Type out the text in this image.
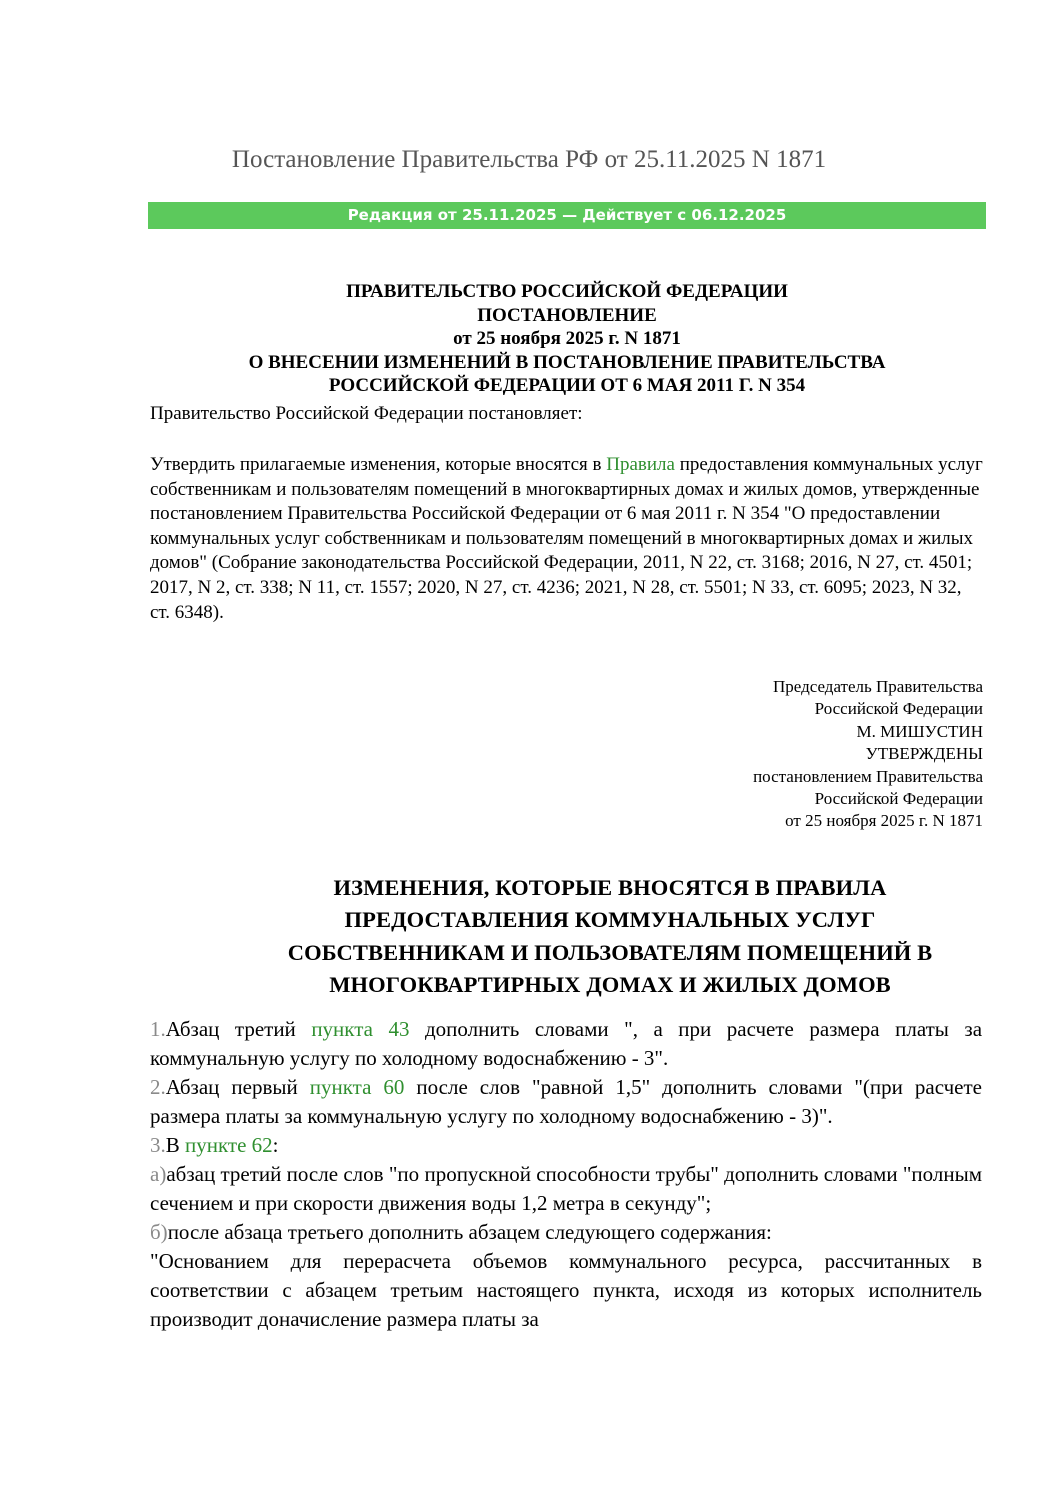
Постановление Правительства РФ от 25.11.2025 N 1871
Редакция от 25.11.2025 — Действует с 06.12.2025
ПРАВИТЕЛЬСТВО РОССИЙСКОЙ ФЕДЕРАЦИИ
ПОСТАНОВЛЕНИЕ
от 25 ноября 2025 г. N 1871
О ВНЕСЕНИИ ИЗМЕНЕНИЙ В ПОСТАНОВЛЕНИЕ ПРАВИТЕЛЬСТВА
РОССИЙСКОЙ ФЕДЕРАЦИИ ОТ 6 МАЯ 2011 Г. N 354
Правительство Российской Федерации постановляет:
Утвердить прилагаемые изменения, которые вносятся в Правила предоставления коммунальных услуг собственникам и пользователям помещений в многоквартирных домах и жилых домов, утвержденные постановлением Правительства Российской Федерации от 6 мая 2011 г. N 354 "О предоставлении коммунальных услуг собственникам и пользователям помещений в многоквартирных домах и жилых домов" (Собрание законодательства Российской Федерации, 2011, N 22, ст. 3168; 2016, N 27, ст. 4501; 2017, N 2, ст. 338; N 11, ст. 1557; 2020, N 27, ст. 4236; 2021, N 28, ст. 5501; N 33, ст. 6095; 2023, N 32, ст. 6348).
Председатель Правительства
Российской Федерации
М. МИШУСТИН
УТВЕРЖДЕНЫ
постановлением Правительства
Российской Федерации
от 25 ноября 2025 г. N 1871
ИЗМЕНЕНИЯ, КОТОРЫЕ ВНОСЯТСЯ В ПРАВИЛА
ПРЕДОСТАВЛЕНИЯ КОММУНАЛЬНЫХ УСЛУГ
СОБСТВЕННИКАМ И ПОЛЬЗОВАТЕЛЯМ ПОМЕЩЕНИЙ В
МНОГОКВАРТИРНЫХ ДОМАХ И ЖИЛЫХ ДОМОВ

1.Абзац третий пункта 43 дополнить словами ", а при расчете размера платы за коммунальную услугу по холодному водоснабжению - 3".

2.Абзац первый пункта 60 после слов "равной 1,5" дополнить словами "(при расчете размера платы за коммунальную услугу по холодному водоснабжению - 3)".

3.В пункте 62:

а)абзац третий после слов "по пропускной способности трубы" дополнить словами "полным сечением и при скорости движения воды 1,2 метра в секунду";

б)после абзаца третьего дополнить абзацем следующего содержания:

"Основанием для перерасчета объемов коммунального ресурса, рассчитанных в соответствии с абзацем третьим настоящего пункта, исходя из которых исполнитель производит доначисление размера платы за
